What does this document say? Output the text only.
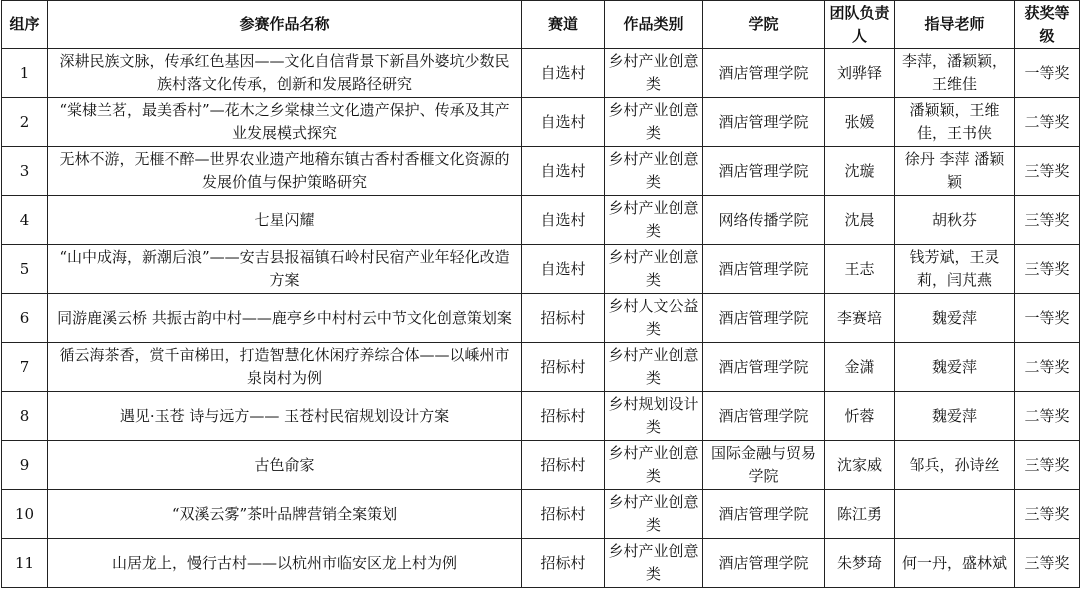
组序	参赛作品名称	赛道	作品类别	学院	团队负责人	指导老师	获奖等级
1	深耕民族文脉，传承红色基因——文化自信背景下新昌外婆坑少数民族村落文化传承，创新和发展路径研究	自选村	乡村产业创意类	酒店管理学院	刘骅铎	李萍，潘颖颖，王维佳	一等奖
2	“棠棣兰茗，最美香村”—花木之乡棠棣兰文化遗产保护、传承及其产业发展模式探究	自选村	乡村产业创意类	酒店管理学院	张媛	潘颖颖，王维佳，王书侠	二等奖
3	无林不游，无榧不醉—世界农业遗产地稽东镇古香村香榧文化资源的发展价值与保护策略研究	自选村	乡村产业创意类	酒店管理学院	沈璇	徐丹 李萍 潘颖颖	三等奖
4	七星闪耀	自选村	乡村产业创意类	网络传播学院	沈晨	胡秋芬	三等奖
5	“山中成海，新潮后浪”——安吉县报福镇石岭村民宿产业年轻化改造方案	自选村	乡村产业创意类	酒店管理学院	王志	钱芳斌，王灵莉，闫芃燕	三等奖
6	同游鹿溪云桥 共振古韵中村——鹿亭乡中村村云中节文化创意策划案	招标村	乡村人文公益类	酒店管理学院	李赛培	魏爱萍	一等奖
7	循云海茶香，赏千亩梯田，打造智慧化休闲疗养综合体——以嵊州市泉岗村为例	招标村	乡村产业创意类	酒店管理学院	金潇	魏爱萍	二等奖
8	遇见·玉苍 诗与远方—— 玉苍村民宿规划设计方案	招标村	乡村规划设计类	酒店管理学院	忻蓉	魏爱萍	二等奖
9	古色俞家	招标村	乡村产业创意类	国际金融与贸易学院	沈家威	邹兵，孙诗丝	三等奖
10	“双溪云雾”茶叶品牌营销全案策划	招标村	乡村产业创意类	酒店管理学院	陈江勇		三等奖
11	山居龙上，慢行古村——以杭州市临安区龙上村为例	招标村	乡村产业创意类	酒店管理学院	朱梦琦	何一丹，盛林斌	三等奖
